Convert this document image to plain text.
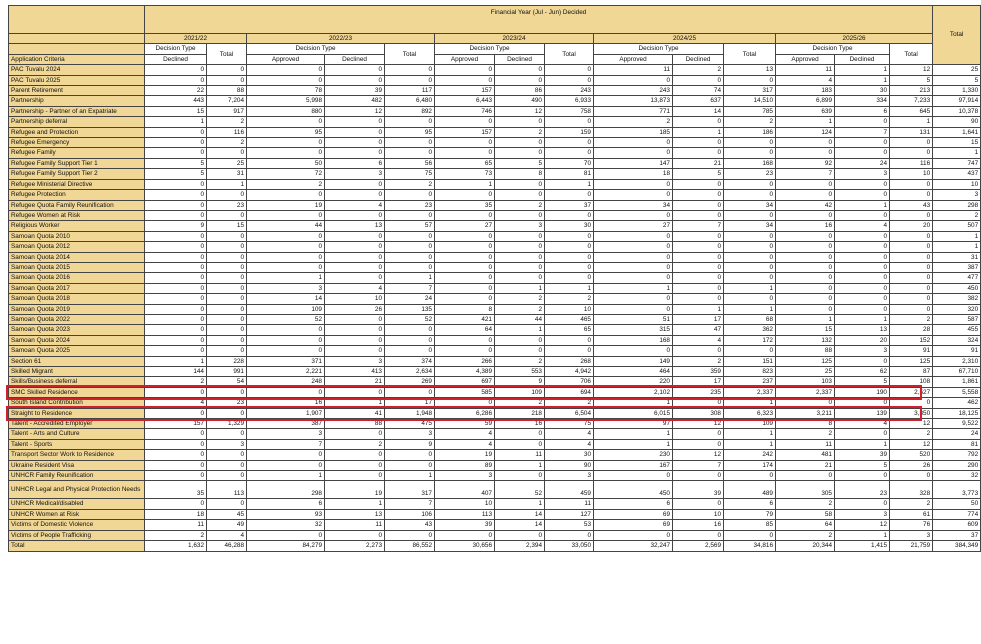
	Financial Year (Jul - Jun) Decided														Total
	2021/22		2022/23			2023/24			2024/25			2025/26			
	Decision Type	Total	Decision Type		Total	Decision Type		Total	Decision Type		Total	Decision Type		Total	
Application Criteria	Declined		Approved	Declined		Approved	Declined		Approved	Declined		Approved	Declined		
PAC Tuvalu 2024	0	0	0	0	0	0	0	0	11	2	13	11	1	12	25
PAC Tuvalu 2025	0	0	0	0	0	0	0	0	0	0	0	4	1	5	5
Parent Retirement	22	88	78	39	117	157	86	243	243	74	317	183	30	213	1,330
Partnership	443	7,204	5,998	482	6,480	6,443	490	6,933	13,873	637	14,510	6,899	334	7,233	97,914
Partnership - Partner of an Expatriate	15	917	880	12	892	746	12	758	771	14	785	639	6	645	10,378
Partnership deferral	1	2	0	0	0	0	0	0	2	0	2	1	0	1	90
Refugee and Protection	0	116	95	0	95	157	2	159	185	1	186	124	7	131	1,641
Refugee Emergency	0	2	0	0	0	0	0	0	0	0	0	0	0	0	15
Refugee Family	0	0	0	0	0	0	0	0	0	0	0	0	0	0	1
Refugee Family Support Tier 1	5	25	50	6	56	65	5	70	147	21	168	92	24	116	747
Refugee Family Support Tier 2	5	31	72	3	75	73	8	81	18	5	23	7	3	10	437
Refugee Ministerial Directive	0	1	2	0	2	1	0	1	0	0	0	0	0	0	10
Refugee Protection	0	0	0	0	0	0	0	0	0	0	0	0	0	0	3
Refugee Quota Family Reunification	0	23	19	4	23	35	2	37	34	0	34	42	1	43	298
Refugee Women at Risk	0	0	0	0	0	0	0	0	0	0	0	0	0	0	2
Religious Worker	9	15	44	13	57	27	3	30	27	7	34	16	4	20	507
Samoan Quota 2010	0	0	0	0	0	0	0	0	0	0	0	0	0	0	1
Samoan Quota 2012	0	0	0	0	0	0	0	0	0	0	0	0	0	0	1
Samoan Quota 2014	0	0	0	0	0	0	0	0	0	0	0	0	0	0	31
Samoan Quota 2015	0	0	0	0	0	0	0	0	0	0	0	0	0	0	387
Samoan Quota 2016	0	0	1	0	1	0	0	0	0	0	0	0	0	0	477
Samoan Quota 2017	0	0	3	4	7	0	1	1	1	0	1	0	0	0	450
Samoan Quota 2018	0	0	14	10	24	0	2	2	0	0	0	0	0	0	382
Samoan Quota 2019	0	0	109	26	135	8	2	10	0	1	1	0	0	0	320
Samoan Quota 2022	0	0	52	0	52	421	44	465	51	17	68	1	1	2	587
Samoan Quota 2023	0	0	0	0	0	64	1	65	315	47	362	15	13	28	455
Samoan Quota 2024	0	0	0	0	0	0	0	0	168	4	172	132	20	152	324
Samoan Quota 2025	0	0	0	0	0	0	0	0	0	0	0	88	3	91	91
Section 61	1	228	371	3	374	266	2	268	149	2	151	125	0	125	2,310
Skilled Migrant	144	991	2,221	413	2,634	4,389	553	4,942	464	359	823	25	62	87	67,710
Skills/Business deferral	2	54	248	21	269	697	9	706	220	17	237	103	5	108	1,861
SMC Skilled Residence	0	0	0	0	0	585	109	694	2,102	235	2,337	2,337	190	2,527	5,558
South Island Contribution	4	23	16	1	17	0	2	2	1	0	1	0	0	0	462
Straight to Residence	0	0	1,907	41	1,948	6,286	218	6,504	6,015	308	6,323	3,211	139	3,350	18,125
Talent - Accredited Employer	157	1,329	387	88	475	59	16	75	97	12	109	8	4	12	9,522
Talent - Arts and Culture	0	0	3	0	3	4	0	4	1	0	1	2	0	2	24
Talent - Sports	0	3	7	2	9	4	0	4	1	0	1	11	1	12	81
Transport Sector Work to Residence	0	0	0	0	0	19	11	30	230	12	242	481	39	520	792
Ukraine Resident Visa	0	0	0	0	0	89	1	90	167	7	174	21	5	26	290
UNHCR Family Reunification	0	0	1	0	1	3	0	3	0	0	0	0	0	0	32
UNHCR Legal and Physical Protection Needs	35	113	298	19	317	407	52	459	450	39	489	305	23	328	3,773
UNHCR Medical/disabled	0	0	6	1	7	10	1	11	6	0	6	2	0	2	50
UNHCR Women at Risk	18	45	93	13	106	113	14	127	69	10	79	58	3	61	774
Victims of Domestic Violence	11	49	32	11	43	39	14	53	69	16	85	64	12	76	609
Victims of People Trafficking	2	4	0	0	0	0	0	0	0	0	0	2	1	3	37
Total	1,632	46,288	84,279	2,273	86,552	30,656	2,394	33,050	32,247	2,569	34,816	20,344	1,415	21,759	384,349
